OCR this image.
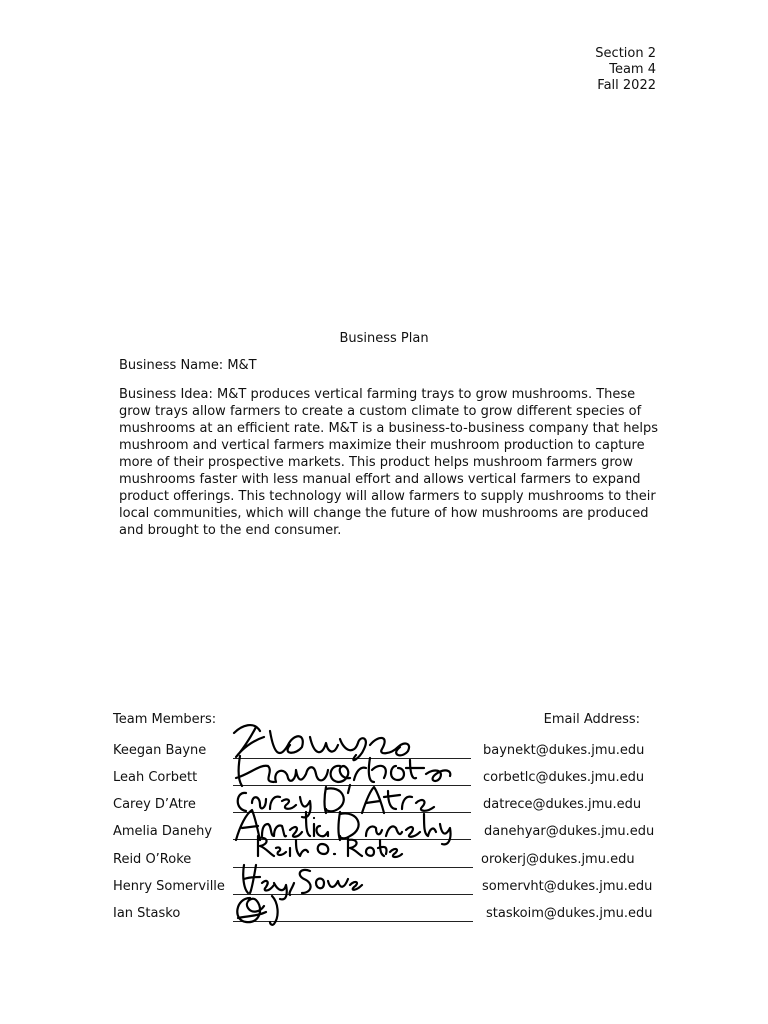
Section 2
Team 4
Fall 2022
Business Plan
Business Name: M&T
Business Idea: M&T produces vertical farming trays to grow mushrooms. These
grow trays allow farmers to create a custom climate to grow different species of
mushrooms at an efficient rate. M&T is a business-to-business company that helps
mushroom and vertical farmers maximize their mushroom production to capture
more of their prospective markets. This product helps mushroom farmers grow
mushrooms faster with less manual effort and allows vertical farmers to expand
product offerings. This technology will allow farmers to supply mushrooms to their
local communities, which will change the future of how mushrooms are produced
and brought to the end consumer.
Team Members:	Email Address:
Keegan Bayne	baynekt@dukes.jmu.edu
Leah Corbett	corbetlc@dukes.jmu.edu
Carey D’Atre	datrece@dukes.jmu.edu
Amelia Danehy	danehyar@dukes.jmu.edu
Reid O’Roke	orokerj@dukes.jmu.edu
Henry Somerville	somervht@dukes.jmu.edu
Ian Stasko	staskoim@dukes.jmu.edu
